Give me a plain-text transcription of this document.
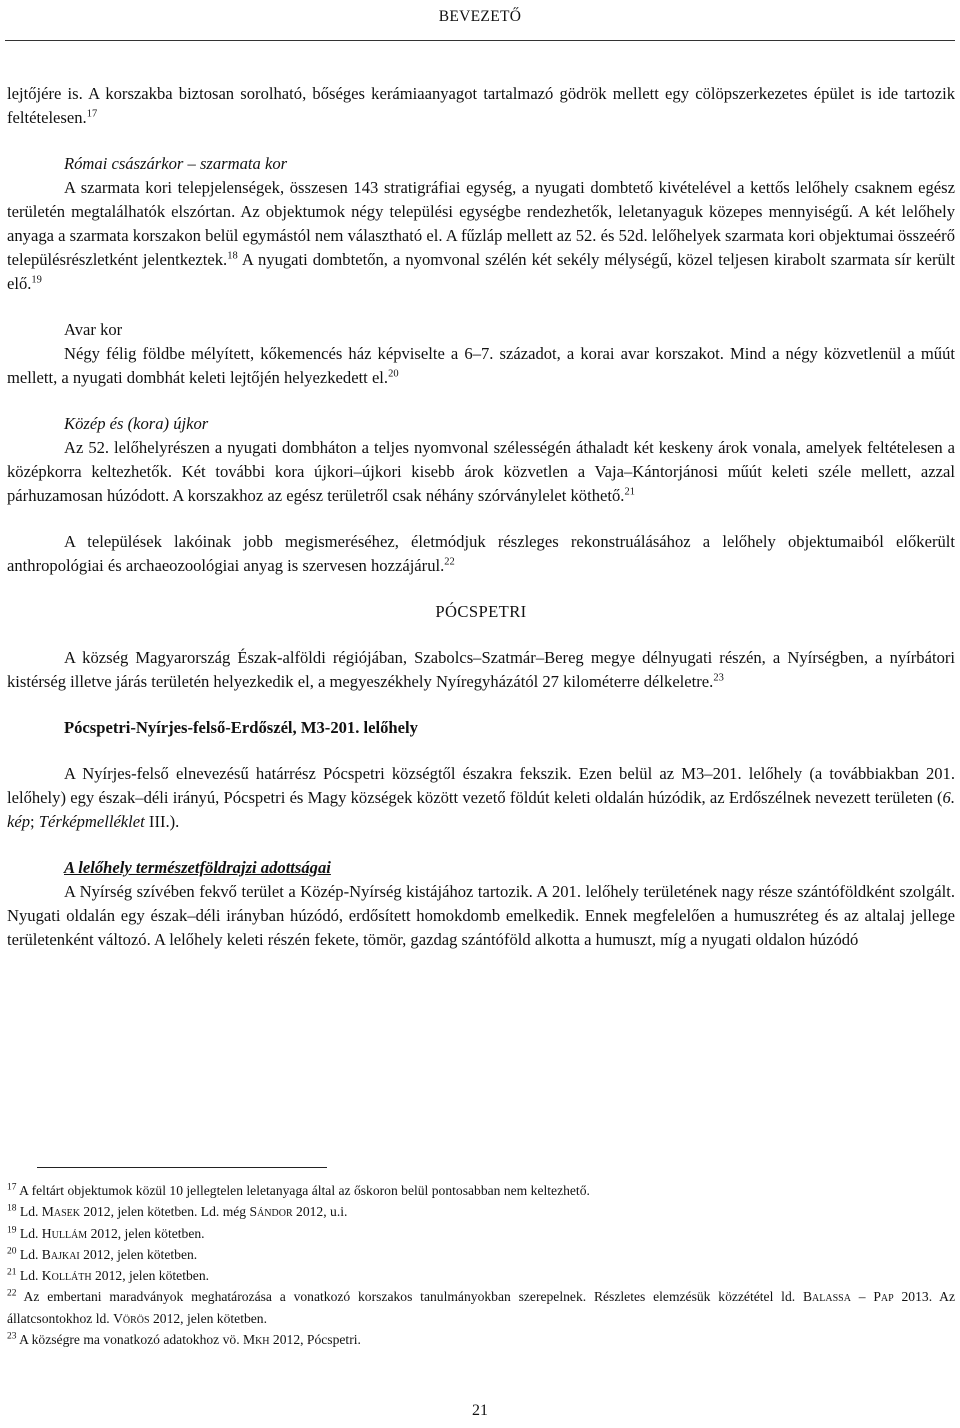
BEVEZETŐ

lejtőjére is. A korszakba biztosan sorolható, bőséges kerámiaanyagot tartalmazó gödrök mellett egy cölöpszerkezetes épület is ide tartozik feltételesen.$^{17}$

Római császárkor – szarmata kor

A szarmata kori telepjelenségek, összesen 143 stratigráfiai egység, a nyugati dombtető kivételével a kettős lelőhely csaknem egész területén megtalálhatók elszórtan. Az objektumok négy települési egységbe rendezhetők, leletanyaguk közepes mennyiségű. A két lelőhely anyaga a szarmata korszakon belül egymástól nem választható el. A fűzláp mellett az 52. és 52d. lelőhelyek szarmata kori objektumai összeérő településrészletként jelentkeztek.$^{18}$ A nyugati dombtetőn, a nyomvonal szélén két sekély mélységű, közel teljesen kirabolt szarmata sír került elő.$^{19}$

Avar kor

Négy félig földbe mélyített, kőkemencés ház képviselte a 6–7. századot, a korai avar korszakot. Mind a négy közvetlenül a műút mellett, a nyugati dombhát keleti lejtőjén helyezkedett el.$^{20}$

Közép és (kora) újkor

Az 52. lelőhelyrészen a nyugati dombháton a teljes nyomvonal szélességén áthaladt két keskeny árok vonala, amelyek feltételesen a középkorra keltezhetők. Két további kora újkori–újkori kisebb árok közvetlen a Vaja–Kántorjánosi műút keleti széle mellett, azzal párhuzamosan húzódott. A korszakhoz az egész területről csak néhány szórványlelet köthető.$^{21}$

A települések lakóinak jobb megismeréséhez, életmódjuk részleges rekonstruálásához a lelőhely objektumaiból előkerült anthropológiai és archaeozoológiai anyag is szervesen hozzájárul.$^{22}$

PÓCSPETRI

A község Magyarország Észak-alföldi régiójában, Szabolcs–Szatmár–Bereg megye délnyugati részén, a Nyírségben, a nyírbátori kistérség illetve járás területén helyezkedik el, a megyeszékhely Nyíregyházától 27 kilométerre délkeletre.$^{23}$

Pócspetri-Nyírjes-felső-Erdőszél, M3-201. lelőhely

A Nyírjes-felső elnevezésű határrész Pócspetri községtől északra fekszik. Ezen belül az M3–201. lelőhely (a továbbiakban 201. lelőhely) egy észak–déli irányú, Pócspetri és Magy községek között vezető földút keleti oldalán húzódik, az Erdőszélnek nevezett területen (6. kép; Térképmelléklet III.).

A lelőhely természetföldrajzi adottságai

A Nyírség szívében fekvő terület a Közép-Nyírség kistájához tartozik. A 201. lelőhely területének nagy része szántóföldként szolgált. Nyugati oldalán egy észak–déli irányban húzódó, erdősített homokdomb emelkedik. Ennek megfelelően a humuszréteg és az altalaj jellege területenként változó. A lelőhely keleti részén fekete, tömör, gazdag szántóföld alkotta a humuszt, míg a nyugati oldalon húzódó

$^{17}$ A feltárt objektumok közül 10 jellegtelen leletanyaga által az őskoron belül pontosabban nem keltezhető.

$^{18}$ Ld. Masek 2012, jelen kötetben. Ld. még Sándor 2012, u.i.

$^{19}$ Ld. Hullám 2012, jelen kötetben.

$^{20}$ Ld. Bajkai 2012, jelen kötetben.

$^{21}$ Ld. Kolláth 2012, jelen kötetben.

$^{22}$ Az embertani maradványok meghatározása a vonatkozó korszakos tanulmányokban szerepelnek. Részletes elemzésük közzététel ld. Balassa – Pap 2013. Az állatcsontokhoz ld. Vörös 2012, jelen kötetben.

$^{23}$ A községre ma vonatkozó adatokhoz vö. Mkh 2012, Pócspetri.

21
